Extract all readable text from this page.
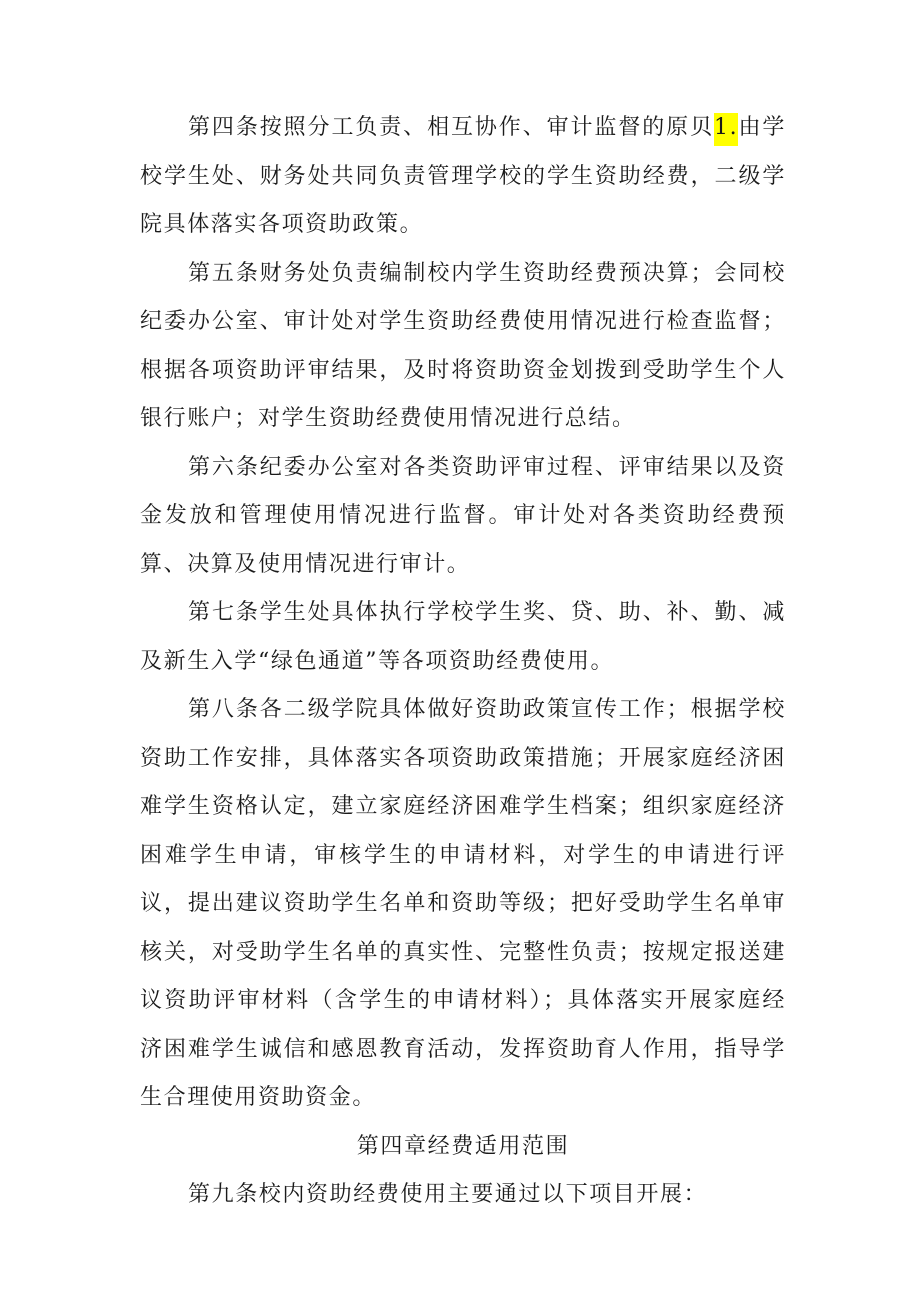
第四条按照分工负责、相互协作、审计监督的原贝1.由学校学生处、财务处共同负责管理学校的学生资助经费，二级学院具体落实各项资助政策。

第五条财务处负责编制校内学生资助经费预决算；会同校纪委办公室、审计处对学生资助经费使用情况进行检查监督；根据各项资助评审结果，及时将资助资金划拨到受助学生个人银行账户；对学生资助经费使用情况进行总结。

第六条纪委办公室对各类资助评审过程、评审结果以及资金发放和管理使用情况进行监督。审计处对各类资助经费预算、决算及使用情况进行审计。

第七条学生处具体执行学校学生奖、贷、助、补、勤、减及新生入学“绿色通道”等各项资助经费使用。

第八条各二级学院具体做好资助政策宣传工作；根据学校资助工作安排，具体落实各项资助政策措施；开展家庭经济困难学生资格认定，建立家庭经济困难学生档案；组织家庭经济困难学生申请，审核学生的申请材料，对学生的申请进行评议，提出建议资助学生名单和资助等级；把好受助学生名单审核关，对受助学生名单的真实性、完整性负责；按规定报送建议资助评审材料（含学生的申请材料）；具体落实开展家庭经济困难学生诚信和感恩教育活动，发挥资助育人作用，指导学生合理使用资助资金。

第四章经费适用范围

第九条校内资助经费使用主要通过以下项目开展：
